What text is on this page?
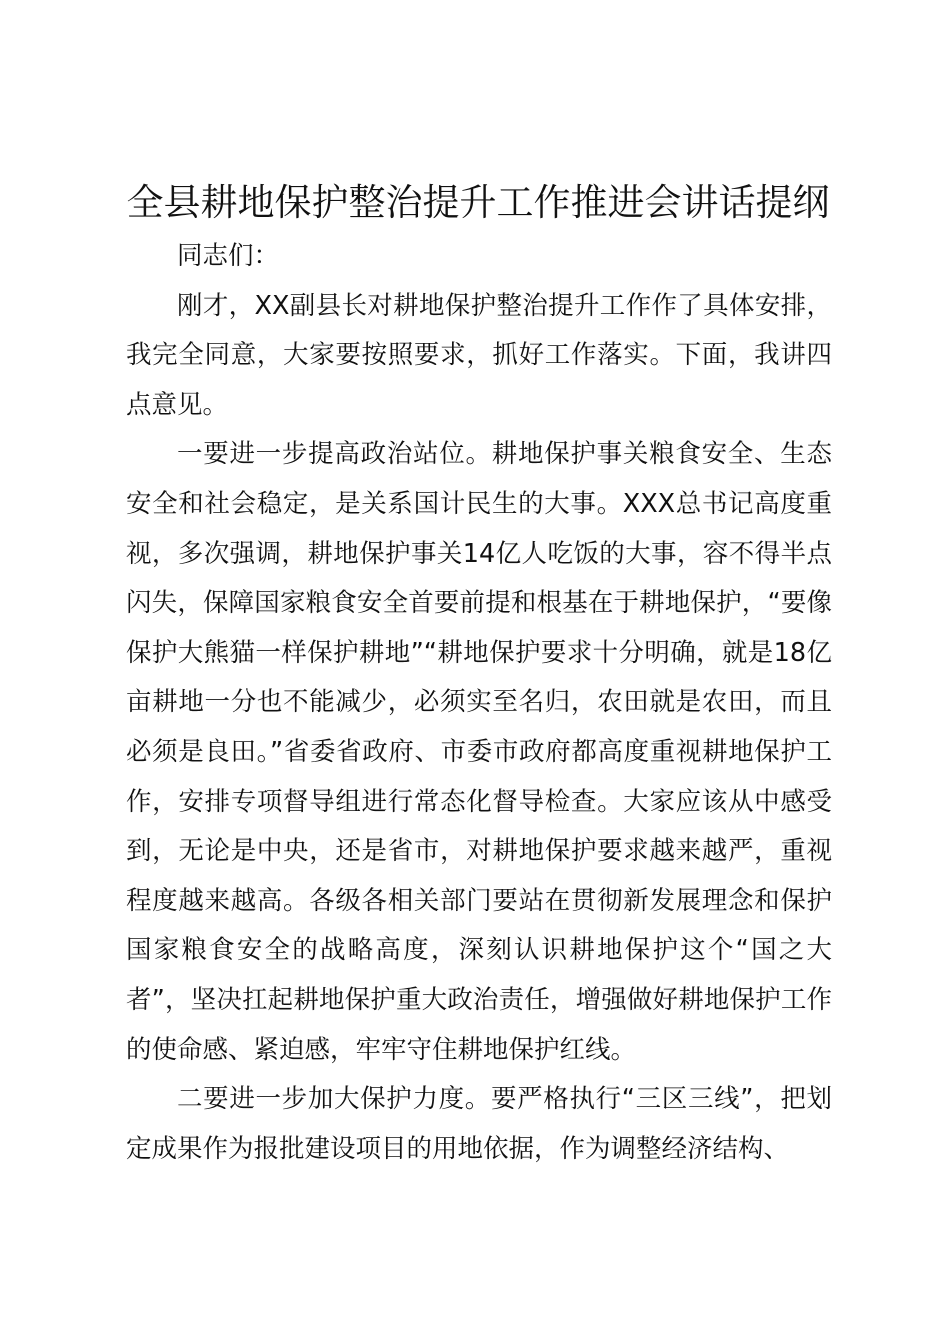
全县耕地保护整治提升工作推进会讲话提纲

同志们：

刚才，XX副县长对耕地保护整治提升工作作了具体安排，我完全同意，大家要按照要求，抓好工作落实。下面，我讲四点意见。

一要进一步提高政治站位。耕地保护事关粮食安全、生态安全和社会稳定，是关系国计民生的大事。XXX总书记高度重视，多次强调，耕地保护事关14亿人吃饭的大事，容不得半点闪失，保障国家粮食安全首要前提和根基在于耕地保护，“要像保护大熊猫一样保护耕地”“耕地保护要求十分明确，就是18亿亩耕地一分也不能减少，必须实至名归，农田就是农田，而且必须是良田。”省委省政府、市委市政府都高度重视耕地保护工作，安排专项督导组进行常态化督导检查。大家应该从中感受到，无论是中央，还是省市，对耕地保护要求越来越严，重视程度越来越高。各级各相关部门要站在贯彻新发展理念和保护国家粮食安全的战略高度，深刻认识耕地保护这个“国之大者”，坚决扛起耕地保护重大政治责任，增强做好耕地保护工作的使命感、紧迫感，牢牢守住耕地保护红线。

二要进一步加大保护力度。要严格执行“三区三线”，把划定成果作为报批建设项目的用地依据，作为调整经济结构、
